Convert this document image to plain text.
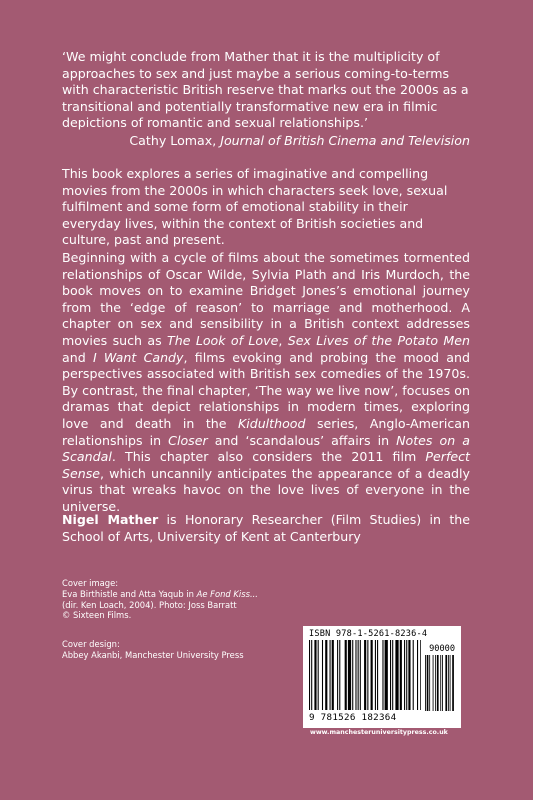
‘We might conclude from Mather that it is the multiplicity of approaches to sex and just maybe a serious coming-to-terms with characteristic British reserve that marks out the 2000s as a transitional and potentially transformative new era in filmic depictions of romantic and sexual relationships.’
Cathy Lomax, Journal of British Cinema and Television
This book explores a series of imaginative and compelling movies from the 2000s in which characters seek love, sexual fulfilment and some form of emotional stability in their everyday lives, within the context of British societies and culture, past and present.

Beginning with a cycle of films about the sometimes tormented relationships of Oscar Wilde, Sylvia Plath and Iris Murdoch, the book moves on to examine Bridget Jones’s emotional journey from the ‘edge of reason’ to marriage and motherhood. A chapter on sex and sensibility in a British context addresses movies such as The Look of Love, Sex Lives of the Potato Men and I Want Candy, films evoking and probing the mood and perspectives associated with British sex comedies of the 1970s. By contrast, the final chapter, ‘The way we live now’, focuses on dramas that depict relationships in modern times, exploring love and death in the Kidulthood series, Anglo-American relationships in Closer and ‘scandalous’ affairs in Notes on a Scandal. This chapter also considers the 2011 film Perfect Sense, which uncannily anticipates the appearance of a deadly virus that wreaks havoc on the love lives of everyone in the universe.

Nigel Mather is Honorary Researcher (Film Studies) in the School of Arts, University of Kent at Canterbury

Cover image:
Eva Birthistle and Atta Yaqub in Ae Fond Kiss...
(dir. Ken Loach, 2004). Photo: Joss Barratt
© Sixteen Films.
Cover design:
Abbey Akanbi, Manchester University Press
ISBN 978-1-5261-8236-4
90000
9 781526 182364
www.manchesteruniversitypress.co.uk
